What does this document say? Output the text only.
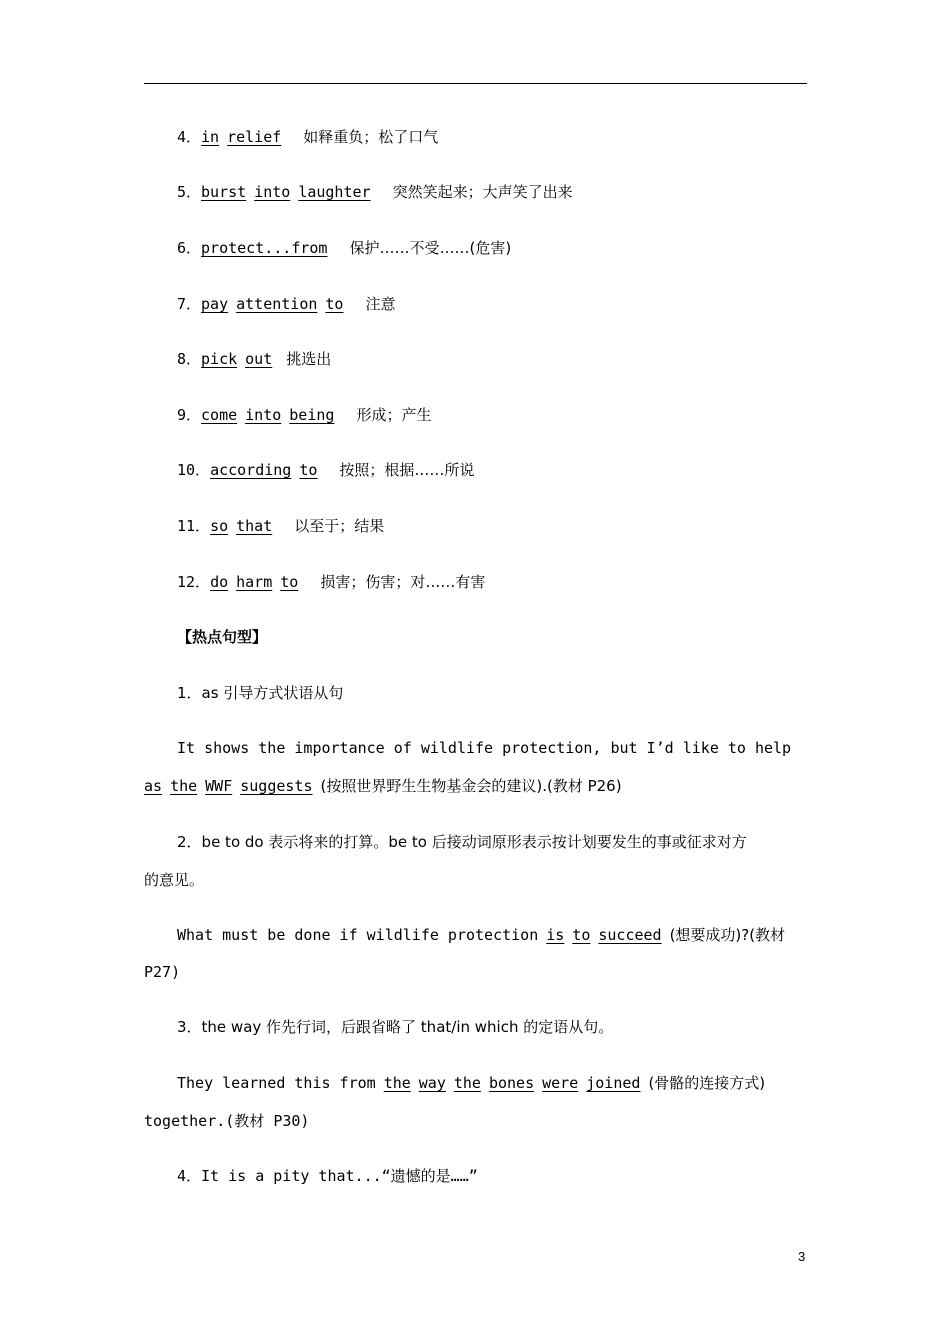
4．in relief 如释重负；松了口气
5．burst into laughter 突然笑起来；大声笑了出来
6．protect...from 保护……不受……(危害)
7．pay attention to 注意
8．pick out 挑选出
9．come into being 形成；产生
10．according to 按照；根据……所说
11．so that 以至于；结果
12．do harm to 损害；伤害；对……有害
【热点句型】
1．as 引导方式状语从句
It shows the importance of wildlife protection, but I’d like to help
as the WWF suggests (按照世界野生生物基金会的建议).(教材 P26)
2．be to do 表示将来的打算。be to 后接动词原形表示按计划要发生的事或征求对方
的意见。
What must be done if wildlife protection is to succeed (想要成功)?(教材
P27)
3．the way 作先行词，后跟省略了 that/in which 的定语从句。
They learned this from the way the bones were joined (骨骼的连接方式)
together.(教材 P30)
4．It is a pity that...“遗憾的是……”
3
